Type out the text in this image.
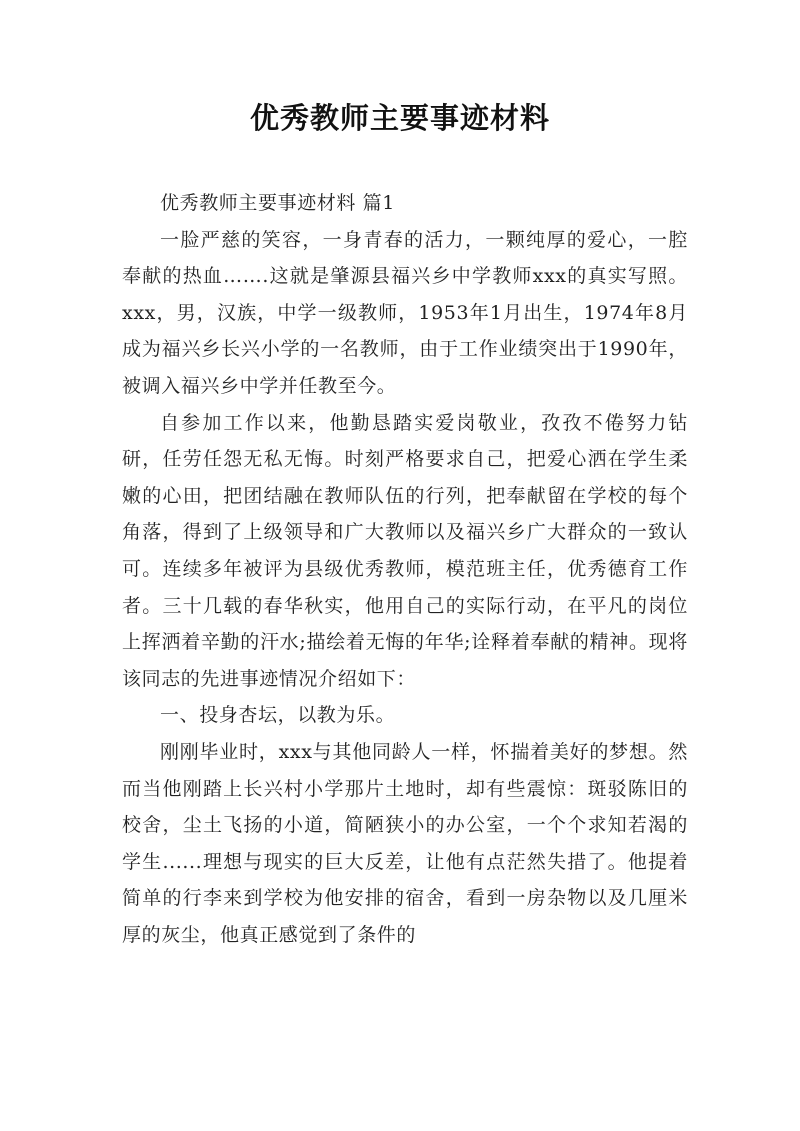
优秀教师主要事迹材料

优秀教师主要事迹材料 篇1

一脸严慈的笑容，一身青春的活力，一颗纯厚的爱心，一腔奉献的热血…….这就是肇源县福兴乡中学教师xxx的真实写照。xxx，男，汉族，中学一级教师，1953年1月出生，1974年8月成为福兴乡长兴小学的一名教师，由于工作业绩突出于1990年，被调入福兴乡中学并任教至今。

自参加工作以来，他勤恳踏实爱岗敬业，孜孜不倦努力钻研，任劳任怨无私无悔。时刻严格要求自己，把爱心洒在学生柔嫩的心田，把团结融在教师队伍的行列，把奉献留在学校的每个角落，得到了上级领导和广大教师以及福兴乡广大群众的一致认可。连续多年被评为县级优秀教师，模范班主任，优秀德育工作者。三十几载的春华秋实，他用自己的实际行动，在平凡的岗位上挥洒着辛勤的汗水;描绘着无悔的年华;诠释着奉献的精神。现将该同志的先进事迹情况介绍如下：

一、投身杏坛，以教为乐。

刚刚毕业时，xxx与其他同龄人一样，怀揣着美好的梦想。然而当他刚踏上长兴村小学那片土地时，却有些震惊：斑驳陈旧的校舍，尘土飞扬的小道，简陋狭小的办公室，一个个求知若渴的学生......理想与现实的巨大反差，让他有点茫然失措了。他提着简单的行李来到学校为他安排的宿舍，看到一房杂物以及几厘米厚的灰尘，他真正感觉到了条件的
